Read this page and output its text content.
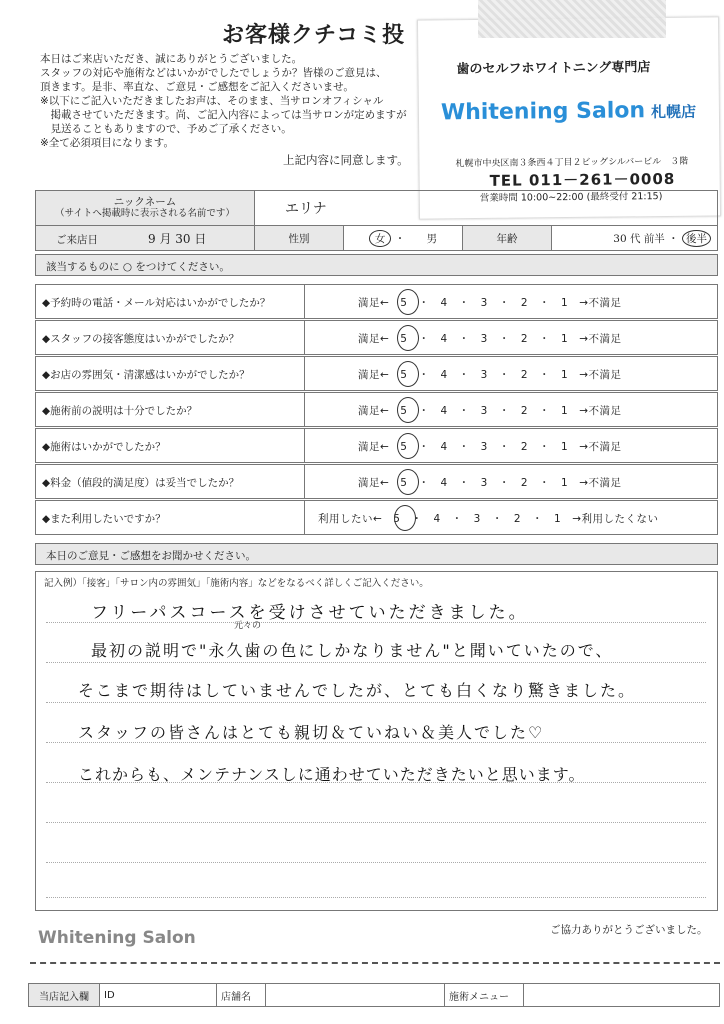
お客様クチコミ投
本日はご来店いただき、誠にありがとうございました。
スタッフの対応や施術などはいかがでしたでしょうか？皆様のご意見は、
頂きます。是非、率直な、ご意見・ご感想をご記入くださいませ。
※以下にご記入いただきましたお声は、そのまま、当サロンオフィシャル
　掲載させていただきます。尚、ご記入内容によっては当サロンが定めますが
　見送ることもありますので、予めご了承ください。
※全て必須項目になります。
上記内容に同意します。
歯のセルフホワイトニング専門店
Whitening Salon 札幌店
札幌市中央区南３条西４丁目２ビッグシルバービル　３階
TEL 011－261－0008
営業時間 10:00~22:00 (最終受付 21:15)
ニックネーム
（サイトへ掲載時に表示される名前です）	エリナ			
ご来店日 9 月 30 日	性別	女 ・ 男	年齢	30 代 前半 ・ 後半
該当するものに ○ をつけてください。
◆予約時の電話・メール対応はいかがでしたか？	満足←　5　・　4　・　3　・　2　・　1　→不満足
◆スタッフの接客態度はいかがでしたか？	満足←　5　・　4　・　3　・　2　・　1　→不満足
◆お店の雰囲気・清潔感はいかがでしたか？	満足←　5　・　4　・　3　・　2　・　1　→不満足
◆施術前の説明は十分でしたか？	満足←　5　・　4　・　3　・　2　・　1　→不満足
◆施術はいかがでしたか？	満足←　5　・　4　・　3　・　2　・　1　→不満足
◆料金（値段的満足度）は妥当でしたか？	満足←　5　・　4　・　3　・　2　・　1　→不満足
◆また利用したいですか？	利用したい←　5　・　4　・　3　・　2　・　1　→利用したくない
本日のご意見・ご感想をお聞かせください。
記入例）「接客」「サロン内の雰囲気」「施術内容」などをなるべく詳しくご記入ください。
元々の
フリーパスコースを受けさせていただきました。
最初の説明で"永久歯の色にしかなりません"と聞いていたので、
そこまで期待はしていませんでしたが、とても白くなり驚きました。
スタッフの皆さんはとても親切＆ていねい＆美人でした♡
これからも、メンテナンスしに通わせていただきたいと思います。
ご協力ありがとうございました。
Whitening Salon
当店記入欄	ID		店舗名		施術メニュー	
